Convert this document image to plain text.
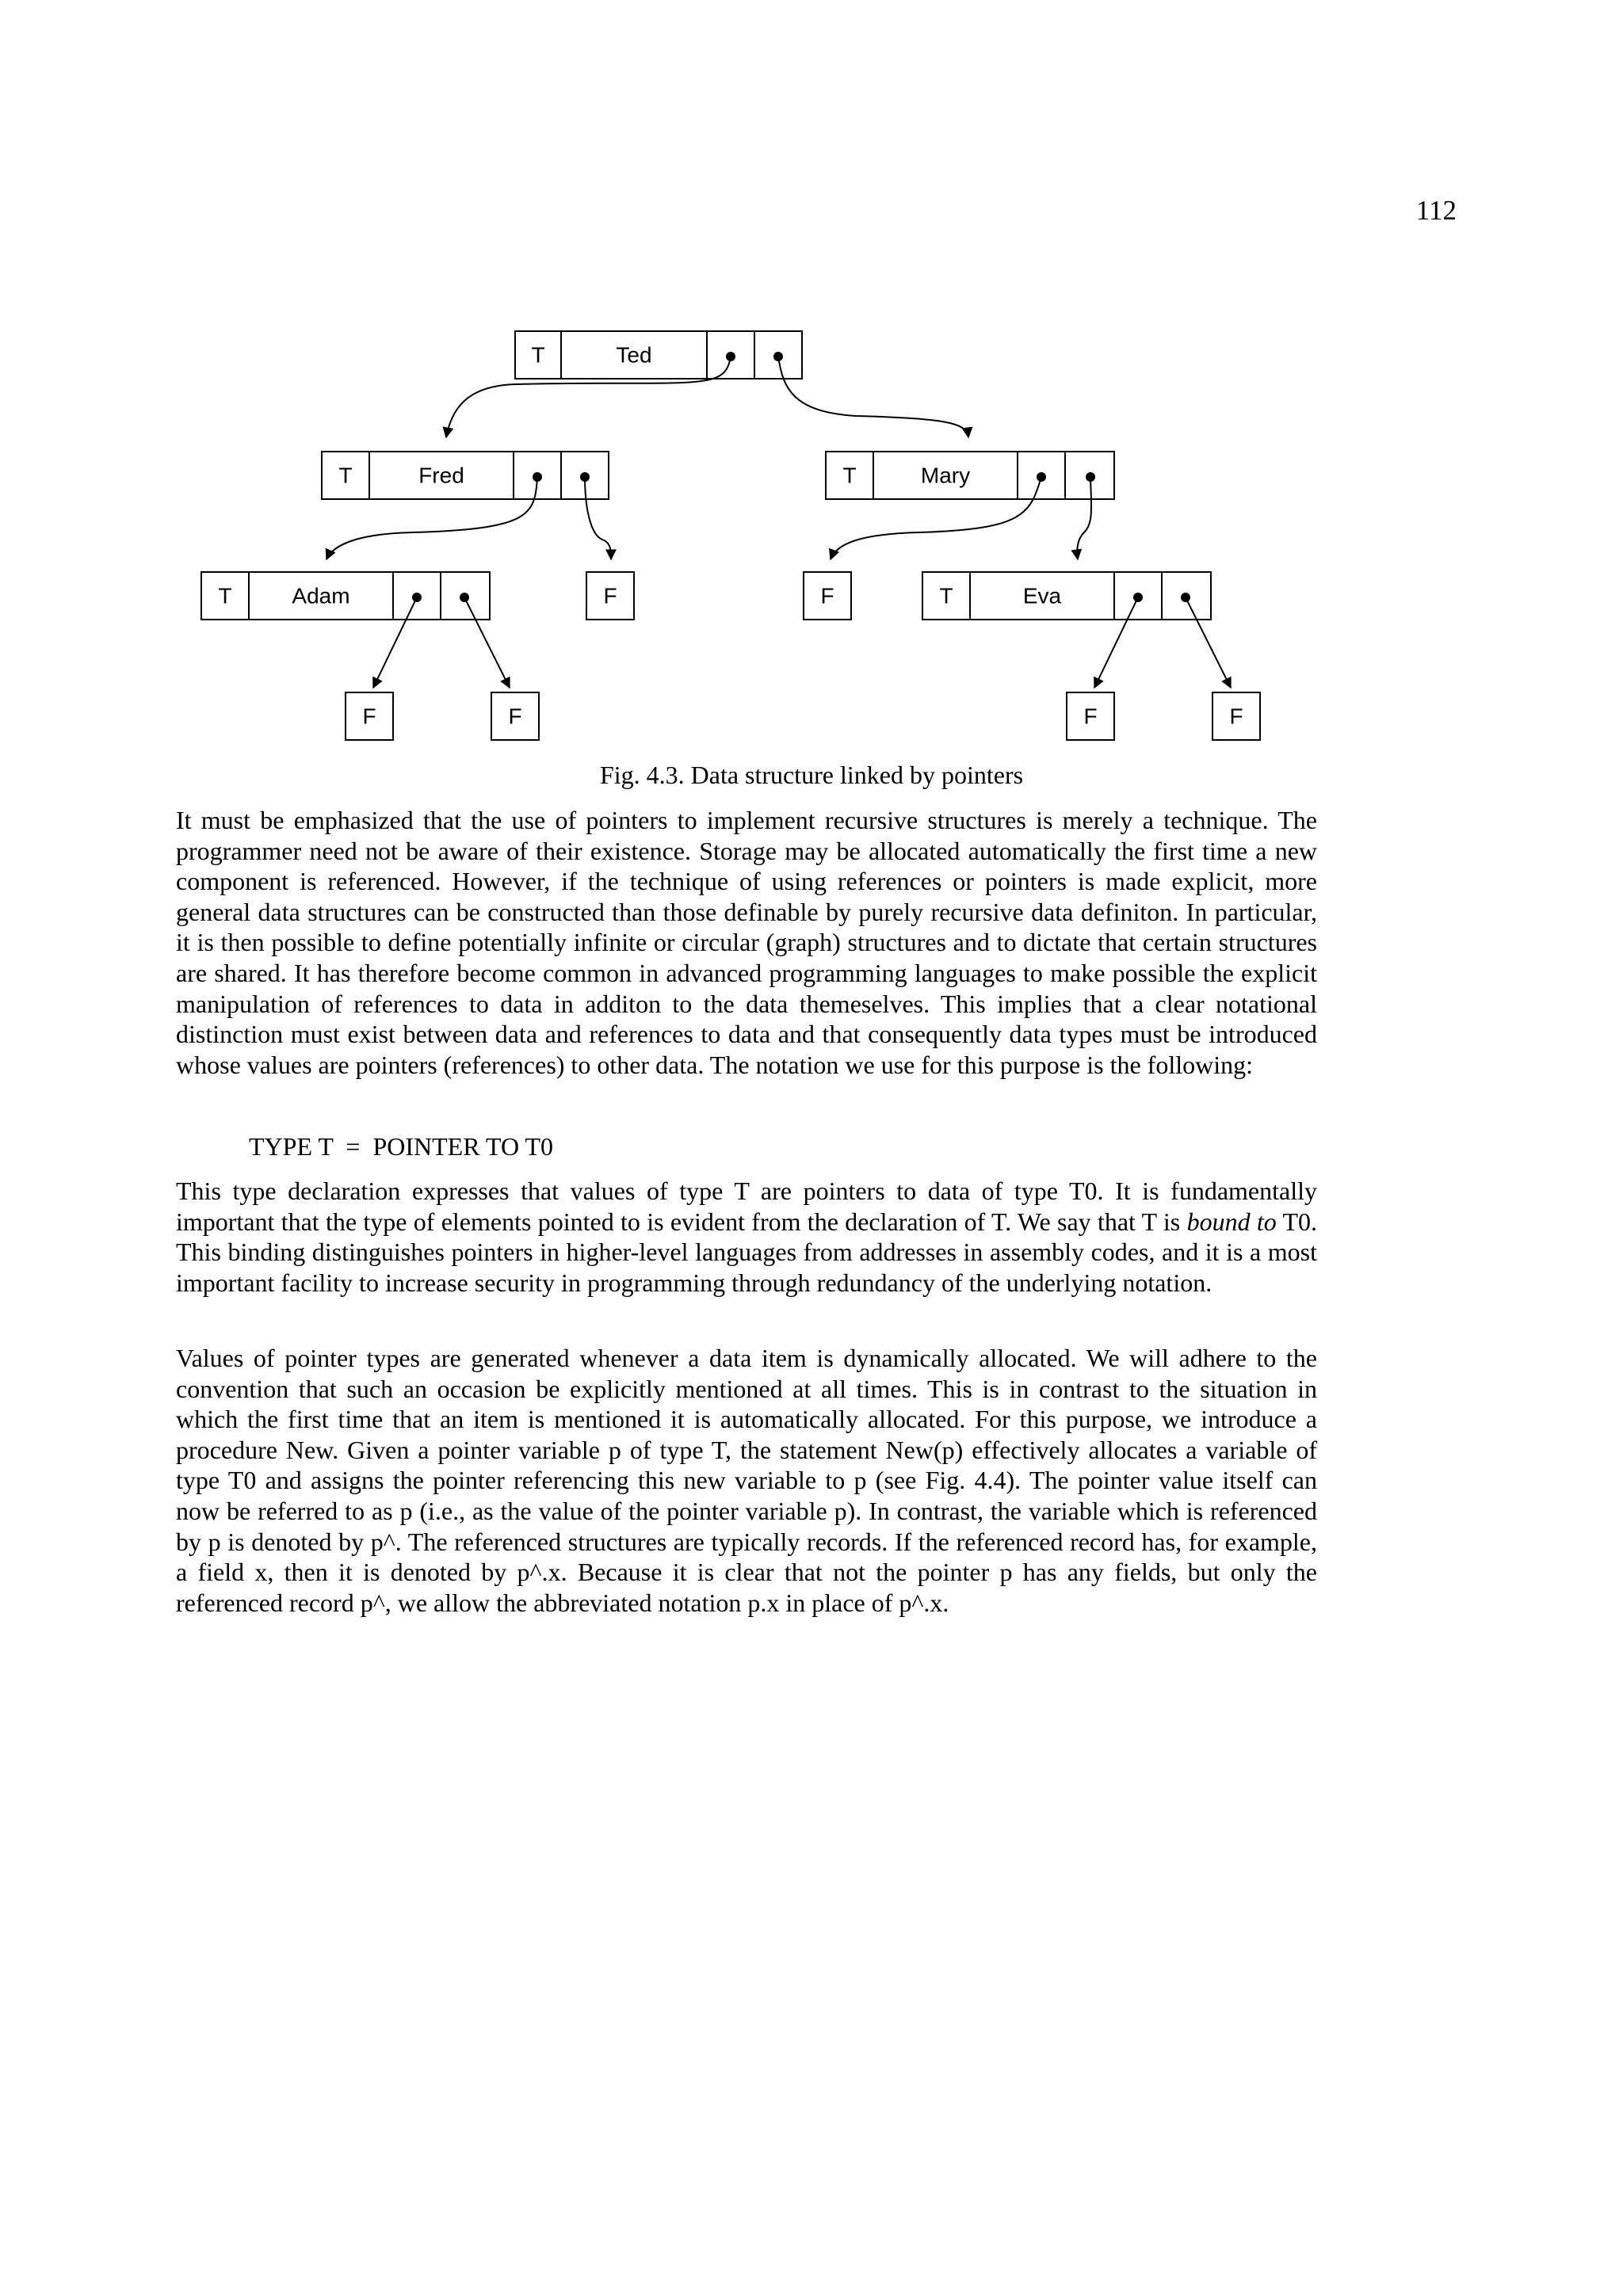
112
T	Ted
T	Fred	T	Mary
T	Adam	T	Eva
F	F
F	F	F	F
Fig. 4.3. Data structure linked by pointers

It must be emphasized that the use of pointers to implement recursive structures is merely a technique. The programmer need not be aware of their existence. Storage may be allocated automatically the first time a new component is referenced. However, if the technique of using references or pointers is made explicit, more general data structures can be constructed than those definable by purely recursive data definiton. In particular, it is then possible to define potentially infinite or circular (graph) structures and to dictate that certain structures are shared. It has therefore become common in advanced programming languages to make possible the explicit manipulation of references to data in additon to the data themeselves. This implies that a clear notational distinction must exist between data and references to data and that consequently data types must be introduced whose values are pointers (references) to other data. The notation we use for this purpose is the following:

TYPE T  =  POINTER TO T0

This type declaration expresses that values of type T are pointers to data of type T0. It is fundamentally important that the type of elements pointed to is evident from the declaration of T. We say that T is bound to T0. This binding distinguishes pointers in higher-level languages from addresses in assembly codes, and it is a most important facility to increase security in programming through redundancy of the underlying notation.

Values of pointer types are generated whenever a data item is dynamically allocated. We will adhere to the convention that such an occasion be explicitly mentioned at all times. This is in contrast to the situation in which the first time that an item is mentioned it is automatically allocated. For this purpose, we introduce a procedure New. Given a pointer variable p of type T, the statement New(p) effectively allocates a variable of type T0 and assigns the pointer referencing this new variable to p (see Fig. 4.4). The pointer value itself can now be referred to as p (i.e., as the value of the pointer variable p). In contrast, the variable which is referenced by p is denoted by p^. The referenced structures are typically records. If the referenced record has, for example, a field x, then it is denoted by p^.x. Because it is clear that not the pointer p has any fields, but only the referenced record p^, we allow the abbreviated notation p.x in place of p^.x.
